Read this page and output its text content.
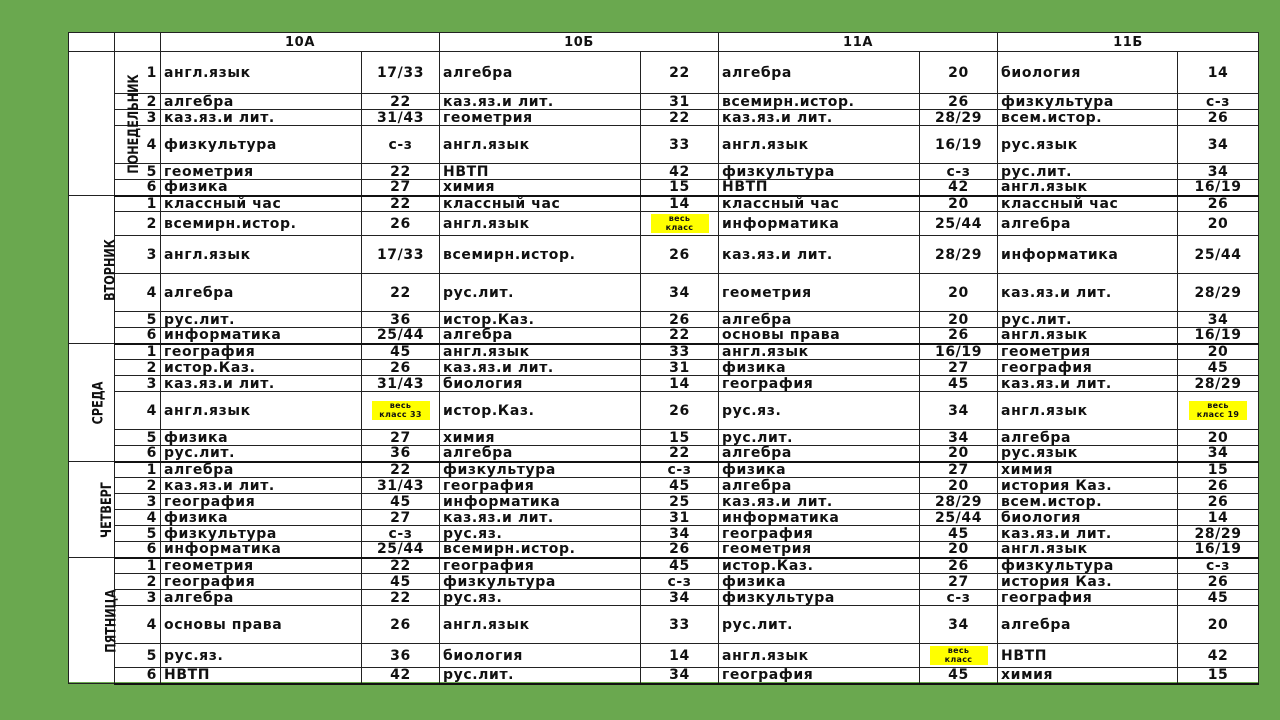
		10А		10Б		11А		11Б	
ПОНЕДЕЛЬНИК	1	англ.язык	17/33	алгебра	22	алгебра	20	биология	14
	2	алгебра	22	каз.яз.и лит.	31	всемирн.истор.	26	физкультура	с-з
	3	каз.яз.и лит.	31/43	геометрия	22	каз.яз.и лит.	28/29	всем.истор.	26
	4	физкультура	с-з	англ.язык	33	англ.язык	16/19	рус.язык	34
	5	геометрия	22	НВТП	42	физкультура	с-з	рус.лит.	34
	6	физика	27	химия	15	НВТП	42	англ.язык	16/19
ВТОРНИК	1	классный час	22	классный час	14	классный час	20	классный час	26
	2	всемирн.истор.	26	англ.язык	весь класс	информатика	25/44	алгебра	20
	3	англ.язык	17/33	всемирн.истор.	26	каз.яз.и лит.	28/29	информатика	25/44
	4	алгебра	22	рус.лит.	34	геометрия	20	каз.яз.и лит.	28/29
	5	рус.лит.	36	истор.Каз.	26	алгебра	20	рус.лит.	34
	6	информатика	25/44	алгебра	22	основы права	26	англ.язык	16/19
СРЕДА	1	география	45	англ.язык	33	англ.язык	16/19	геометрия	20
	2	истор.Каз.	26	каз.яз.и лит.	31	физика	27	география	45
	3	каз.яз.и лит.	31/43	биология	14	география	45	каз.яз.и лит.	28/29
	4	англ.язык	весь класс 33	истор.Каз.	26	рус.яз.	34	англ.язык	весь класс 19
	5	физика	27	химия	15	рус.лит.	34	алгебра	20
	6	рус.лит.	36	алгебра	22	алгебра	20	рус.язык	34
ЧЕТВЕРГ	1	алгебра	22	физкультура	с-з	физика	27	химия	15
	2	каз.яз.и лит.	31/43	география	45	алгебра	20	история Каз.	26
	3	география	45	информатика	25	каз.яз.и лит.	28/29	всем.истор.	26
	4	физика	27	каз.яз.и лит.	31	информатика	25/44	биология	14
	5	физкультура	с-з	рус.яз.	34	география	45	каз.яз.и лит.	28/29
	6	информатика	25/44	всемирн.истор.	26	геометрия	20	англ.язык	16/19
ПЯТНИЦА	1	геометрия	22	география	45	истор.Каз.	26	физкультура	с-з
	2	география	45	физкультура	с-з	физика	27	история Каз.	26
	3	алгебра	22	рус.яз.	34	физкультура	с-з	география	45
	4	основы права	26	англ.язык	33	рус.лит.	34	алгебра	20
	5	рус.яз.	36	биология	14	англ.язык	весь класс	НВТП	42
	6	НВТП	42	рус.лит.	34	география	45	химия	15
